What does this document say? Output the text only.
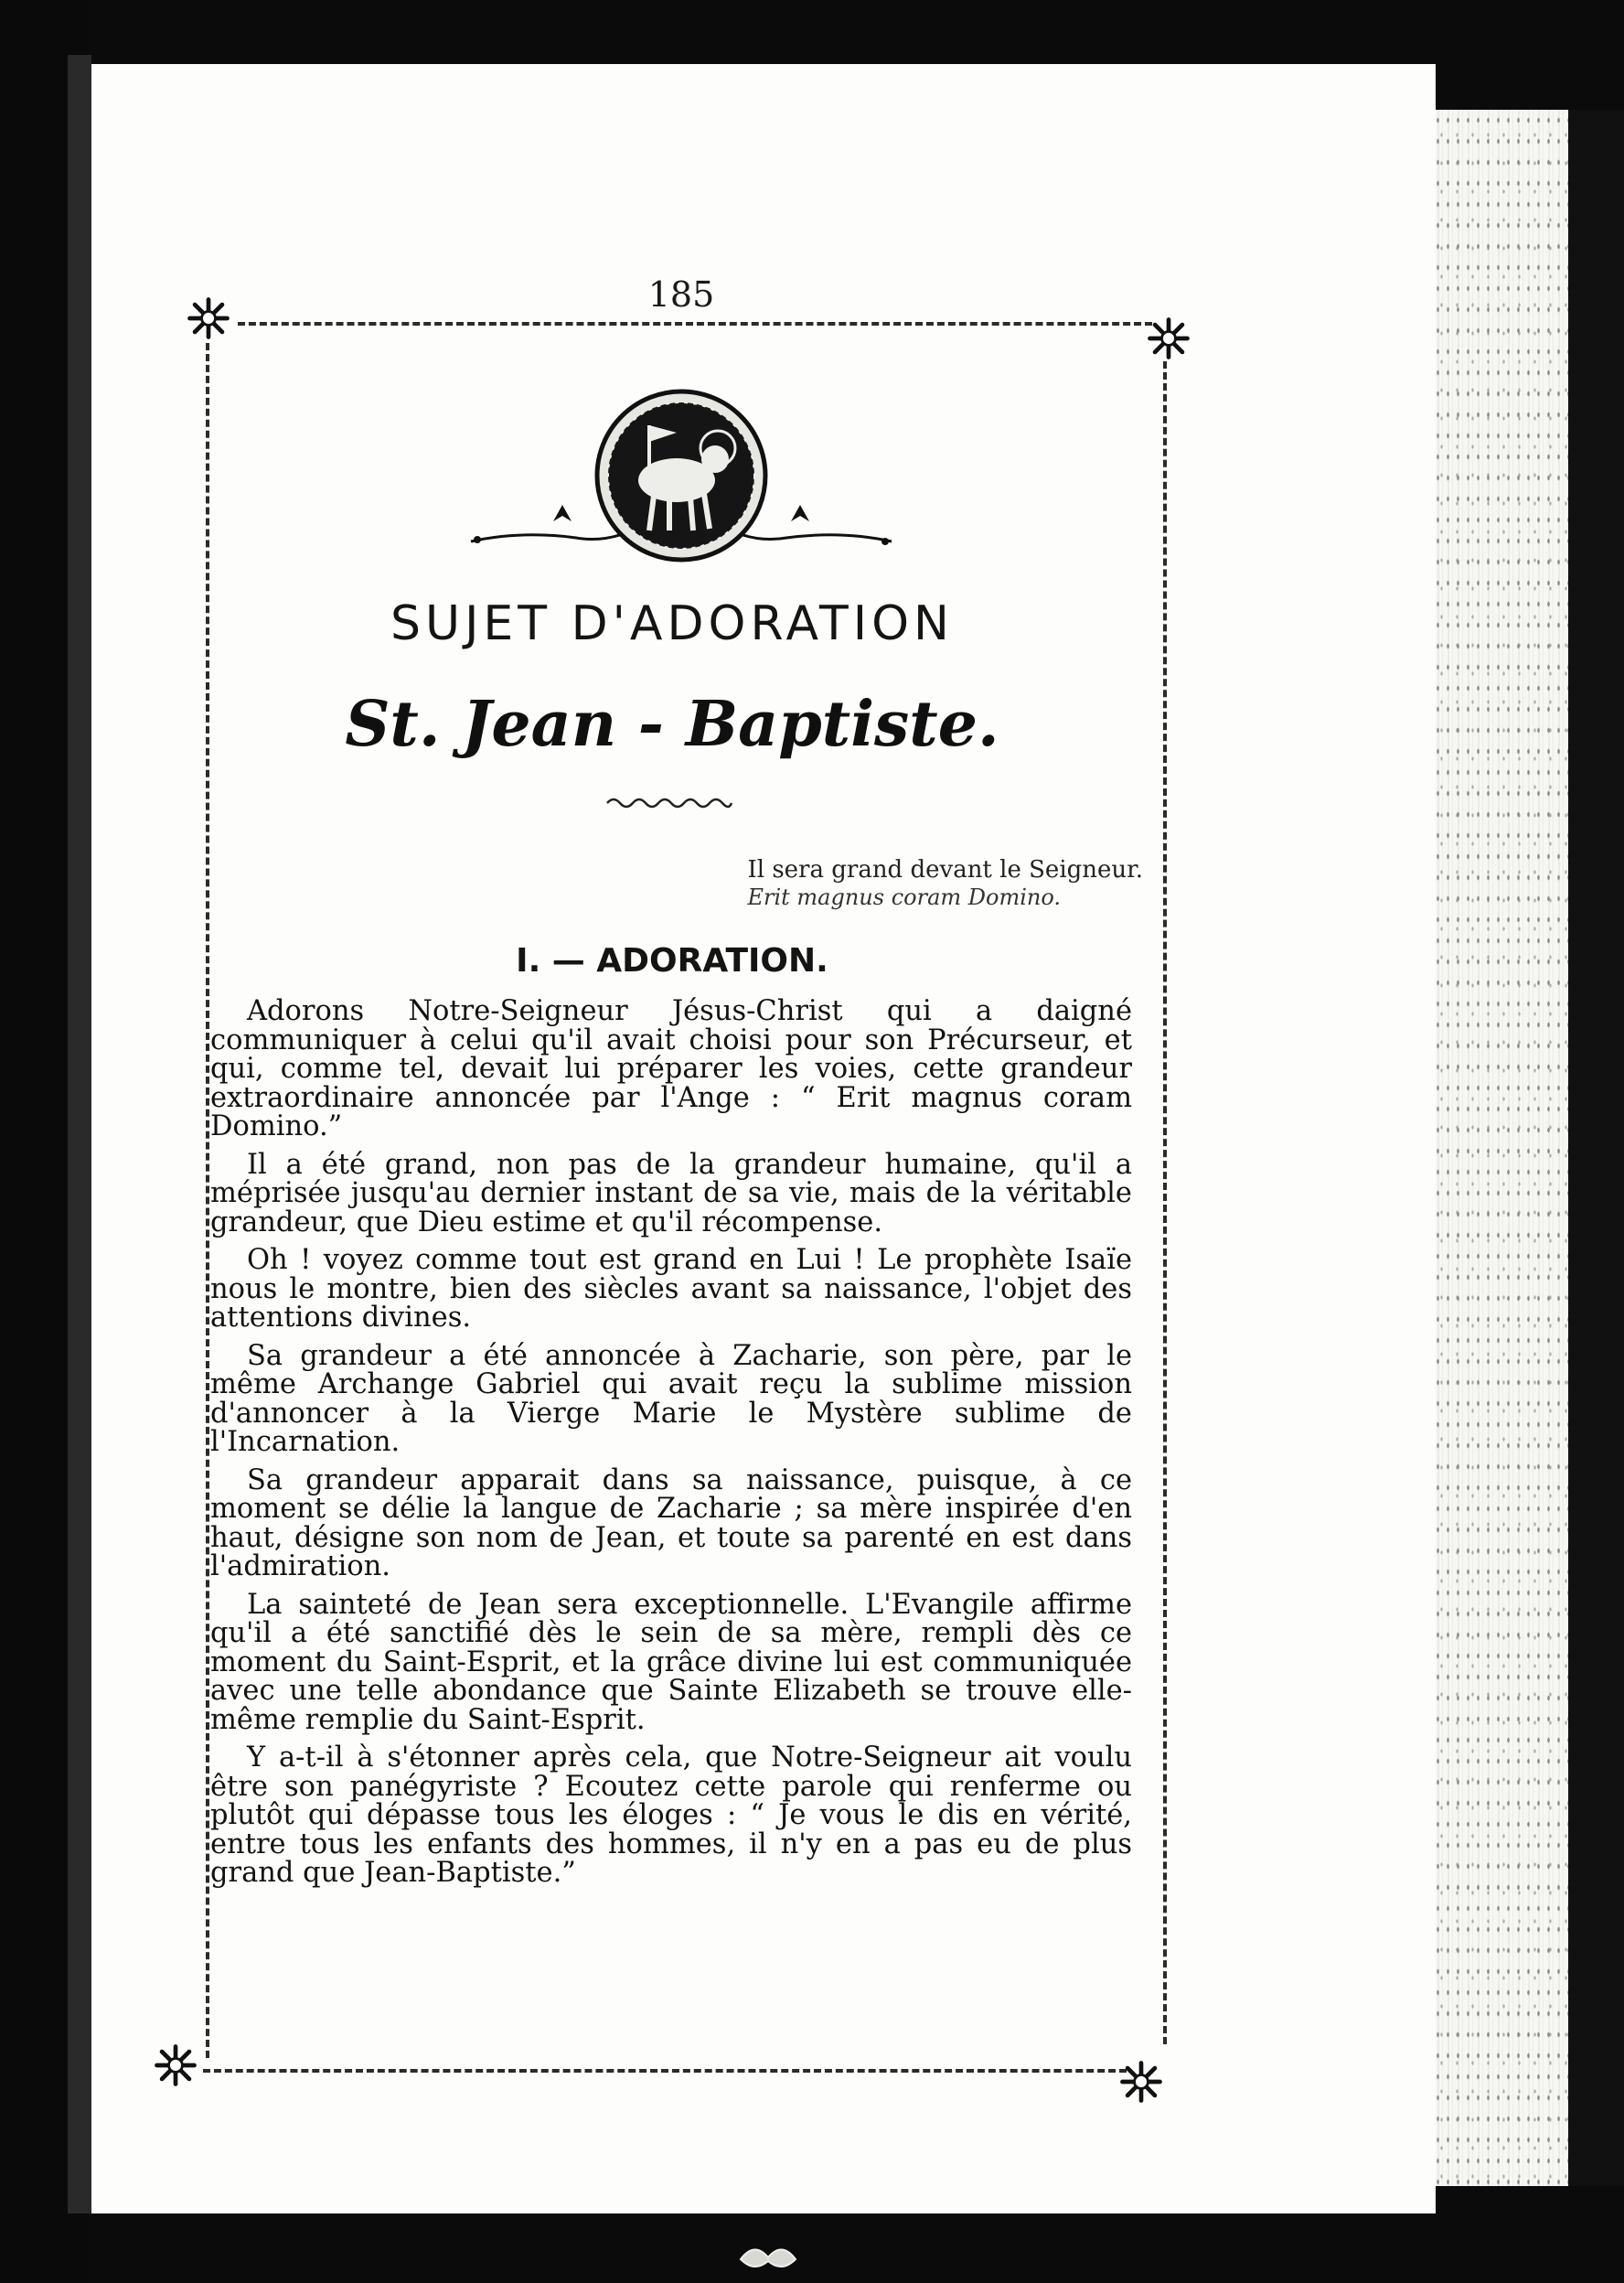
185
SUJET D'ADORATION
St. Jean - Baptiste.

Il sera grand devant le Seigneur.

Erit magnus coram Domino.

I. — ADORATION.

Adorons Notre-Seigneur Jésus-Christ qui a daigné communiquer à celui qu'il avait choisi pour son Précurseur, et qui, comme tel, devait lui préparer les voies, cette grandeur extraordinaire annoncée par l'Ange : “ Erit magnus coram Domino.”

Il a été grand, non pas de la grandeur humaine, qu'il a méprisée jusqu'au dernier instant de sa vie, mais de la véritable grandeur, que Dieu estime et qu'il récompense.

Oh ! voyez comme tout est grand en Lui ! Le prophète Isaïe nous le montre, bien des siècles avant sa naissance, l'objet des attentions divines.

Sa grandeur a été annoncée à Zacharie, son père, par le même Archange Gabriel qui avait reçu la sublime mission d'annoncer à la Vierge Marie le Mystère sublime de l'Incarnation.

Sa grandeur apparait dans sa naissance, puisque, à ce moment se délie la langue de Zacharie ; sa mère inspirée d'en haut, désigne son nom de Jean, et toute sa parenté en est dans l'admiration.

La sainteté de Jean sera exceptionnelle. L'Evangile affirme qu'il a été sanctifié dès le sein de sa mère, rempli dès ce moment du Saint-Esprit, et la grâce divine lui est communiquée avec une telle abondance que Sainte Elizabeth se trouve elle-même remplie du Saint-Esprit.

Y a-t-il à s'étonner après cela, que Notre-Seigneur ait voulu être son panégyriste ? Ecoutez cette parole qui renferme ou plutôt qui dépasse tous les éloges : “ Je vous le dis en vérité, entre tous les enfants des hommes, il n'y en a pas eu de plus grand que Jean-Baptiste.”
